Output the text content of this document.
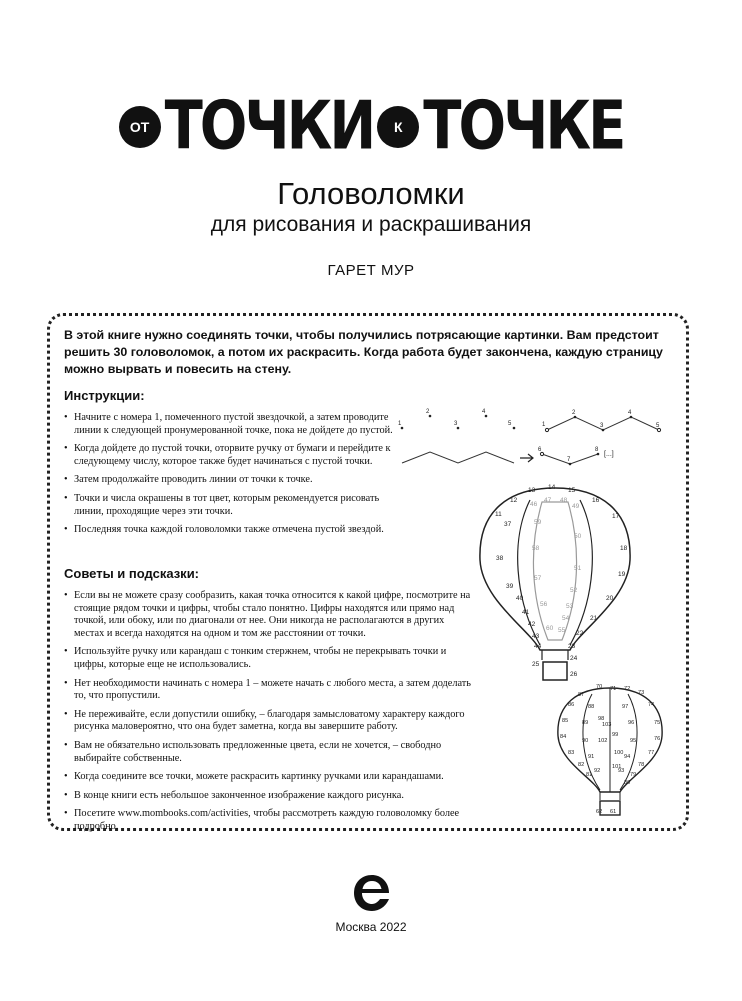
ОТ ТОЧКИ	К ТОЧКЕ
Головоломки
для рисования и раскрашивания
ГАРЕТ МУР
В этой книге нужно соединять точки, чтобы получились потрясающие картинки. Вам предстоит решить 30 головоломок, а потом их раскрасить. Когда работа будет закончена, каждую страницу можно вырвать и повесить на стену.
Инструкции:
• Начните с номера 1, помеченного пустой звездочкой, а затем проводите линии к следующей пронумерованной точке, пока не дойдете до пустой.
• Когда дойдете до пустой точки, оторвите ручку от бумаги и перейдите к следующему числу, которое также будет начинаться с пустой точки.
• Затем продолжайте проводить линии от точки к точке.
• Точки и числа окрашены в тот цвет, которым рекомендуется рисовать линии, проходящие через эти точки.
• Последняя точка каждой головоломки также отмечена пустой звездой.
Советы и подсказки:
• Если вы не можете сразу сообразить, какая точка относится к какой цифре, посмотрите на стоящие рядом точки и цифры, чтобы стало понятно. Цифры находятся или прямо над точкой, или обоку, или по диагонали от нее. Они никогда не располагаются в других местах и всегда находятся на одном и том же расстоянии от точки.
• Используйте ручку или карандаш с тонким стержнем, чтобы не перекрывать точки и цифры, которые еще не использовались.
• Нет необходимости начинать с номера 1 – можете начать с любого места, а затем доделать то, что пропустили.
• Не переживайте, если допустили ошибку, – благодаря замысловатому характеру каждого рисунка маловероятно, что она будет заметна, когда вы завершите работу.
• Вам не обязательно использовать предложенные цвета, если не хочется, – свободно выбирайте собственные.
• Когда соедините все точки, можете раскрасить картинку ручками или карандашами.
• В конце книги есть небольшое законченное изображение каждого рисунка.
• Посетите www.mombooks.com/activities, чтобы рассмотреть каждую головоломку более подробно.
1
2
3
4
5	1
2
3
4
5
6
7
8
[...]
11
12
13 14 15
16
17
18
19
20
21
22
23
24
37
38
39
40
41
42
43
44
25
26
46
47 48
49
50
51
52
53
54
55
56
57
58
59
60
70 71 72
73
74
75
76
77
78
79
80
81
82
83
84
85
86
87
88
89
90
91
92	93
94
95
96
97
98
99
100
101
102
103
61
62
Москва 2022
